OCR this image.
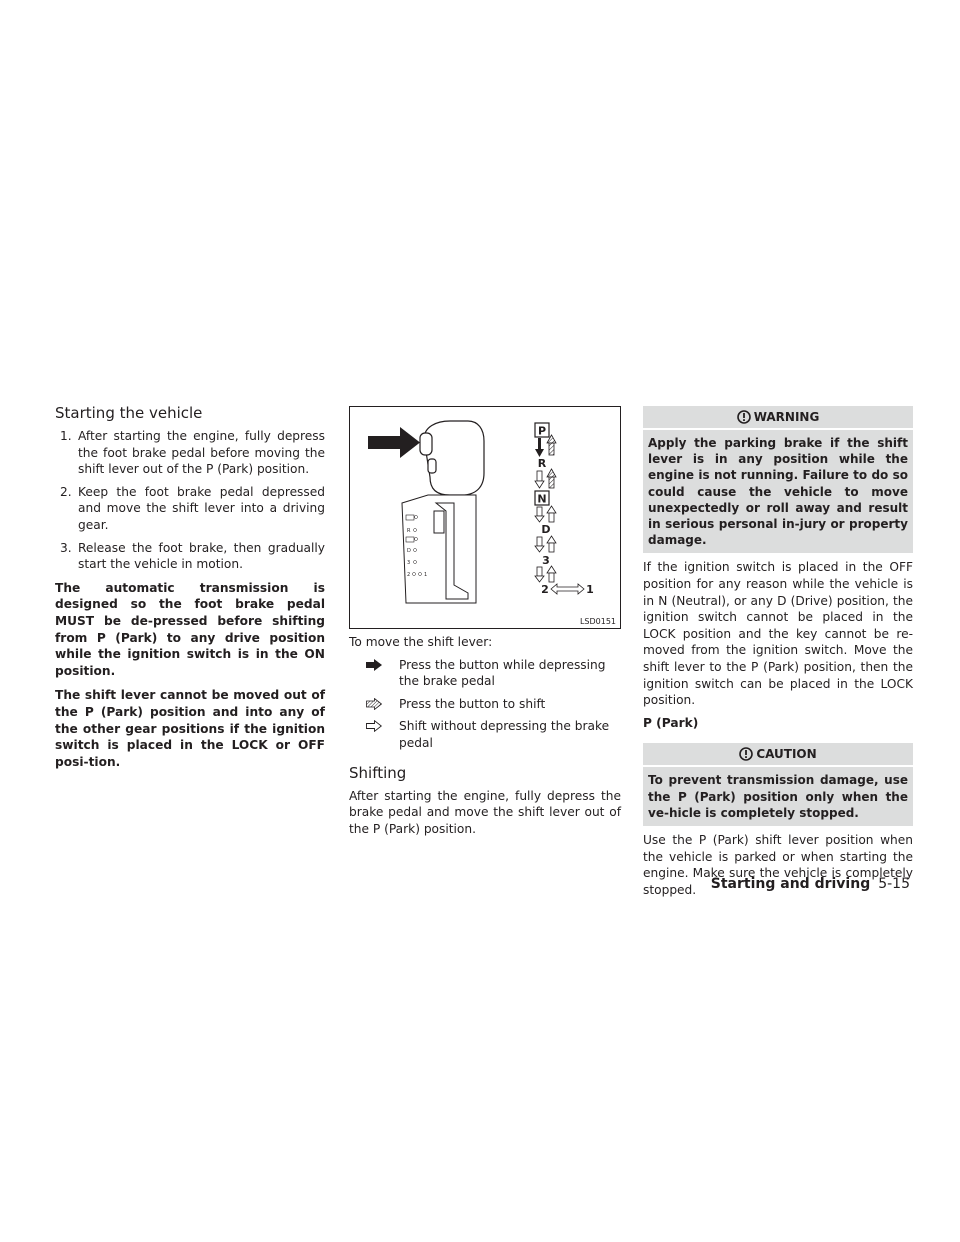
Starting the vehicle
1. After starting the engine, fully depress the foot brake pedal before moving the shift lever out of the P (Park) position.
2. Keep the foot brake pedal depressed and move the shift lever into a driving gear.
3. Release the foot brake, then gradually start the vehicle in motion.

The automatic transmission is designed so the foot brake pedal MUST be de-pressed before shifting from P (Park) to any drive position while the ignition switch is in the ON position.

The shift lever cannot be moved out of the P (Park) position and into any of the other gear positions if the ignition switch is placed in the LOCK or OFF posi-tion.

R
D
3
2	1
P
R
N
D
3
2	1
LSD0151

To move the shift lever:

Press the button while depressing the brake pedal
Press the button to shift
Shift without depressing the brake pedal
Shifting

After starting the engine, fully depress the brake pedal and move the shift lever out of the P (Park) position.

WARNING
Apply the parking brake if the shift lever is in any position while the engine is not running. Failure to do so could cause the vehicle to move unexpectedly or roll away and result in serious personal in-jury or property damage.

If the ignition switch is placed in the OFF position for any reason while the vehicle is in N (Neutral), or any D (Drive) position, the ignition switch cannot be placed in the LOCK position and the key cannot be re-moved from the ignition switch. Move the shift lever to the P (Park) position, then the ignition switch can be placed in the LOCK position.

P (Park)

CAUTION
To prevent transmission damage, use the P (Park) position only when the ve-hicle is completely stopped.

Use the P (Park) shift lever position when the vehicle is parked or when starting the engine. Make sure the vehicle is completely stopped.	Starting and driving 5-15
